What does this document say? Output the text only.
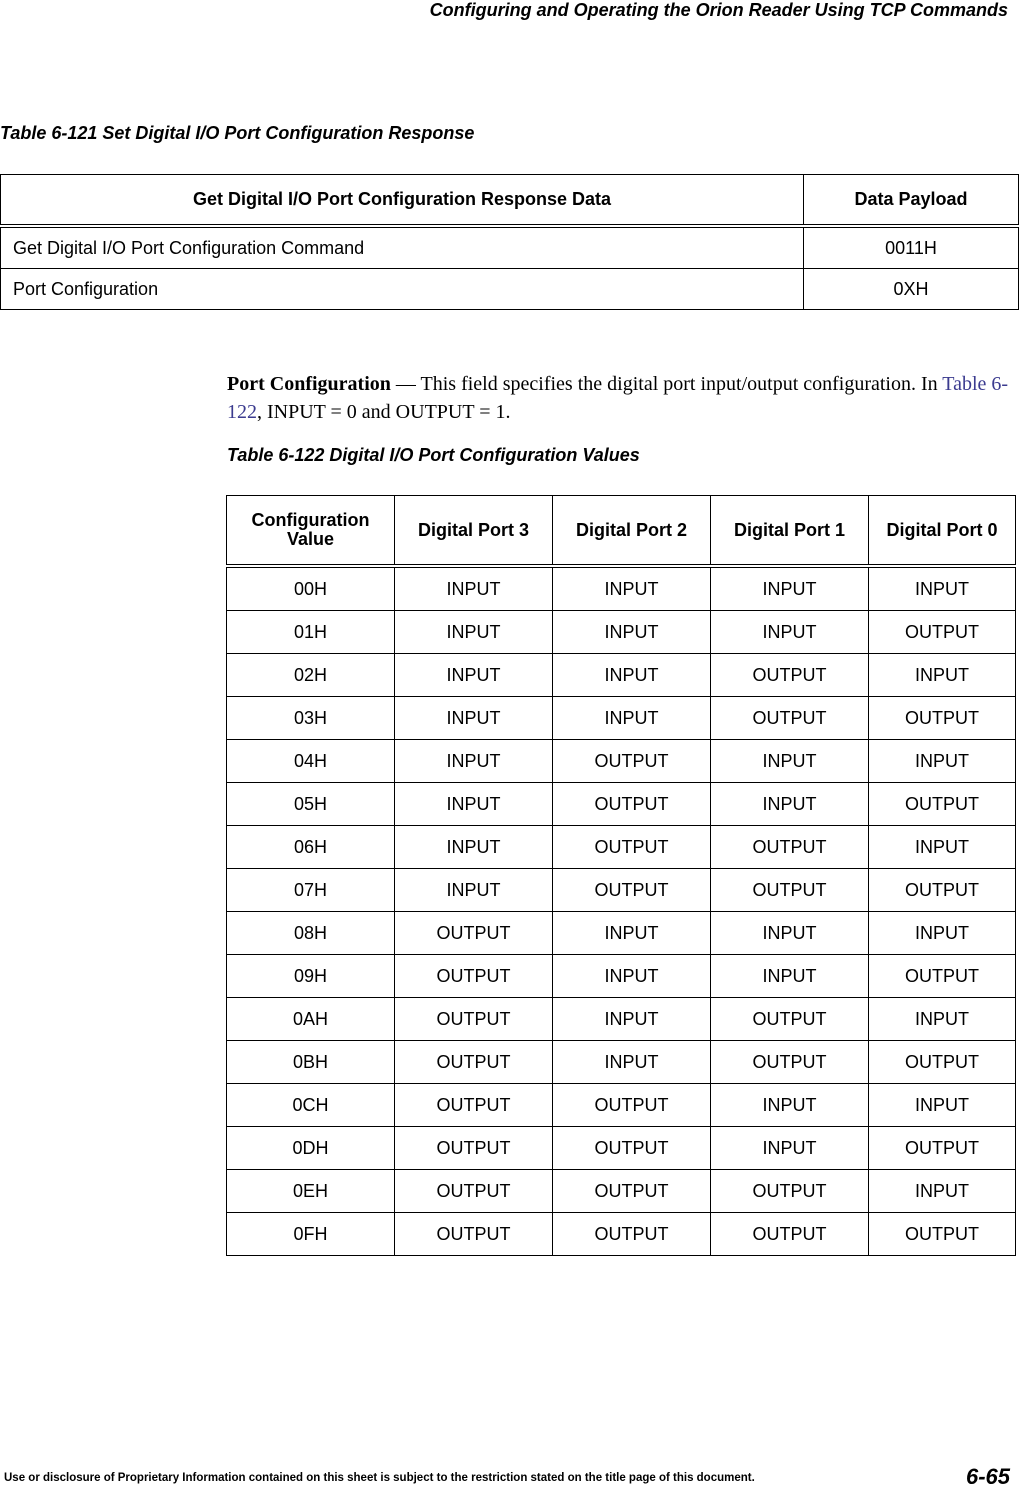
Configuring and Operating the Orion Reader Using TCP Commands
Table 6-121 Set Digital I/O Port Configuration Response
Get Digital I/O Port Configuration Response Data	Data Payload
Get Digital I/O Port Configuration Command	0011H
Port Configuration	0XH
Port Configuration — This field specifies the digital port input/output configuration. In Table 6-122, INPUT = 0 and OUTPUT = 1.
Table 6-122 Digital I/O Port Configuration Values
Configuration Value	Digital Port 3	Digital Port 2	Digital Port 1	Digital Port 0
00H	INPUT	INPUT	INPUT	INPUT
01H	INPUT	INPUT	INPUT	OUTPUT
02H	INPUT	INPUT	OUTPUT	INPUT
03H	INPUT	INPUT	OUTPUT	OUTPUT
04H	INPUT	OUTPUT	INPUT	INPUT
05H	INPUT	OUTPUT	INPUT	OUTPUT
06H	INPUT	OUTPUT	OUTPUT	INPUT
07H	INPUT	OUTPUT	OUTPUT	OUTPUT
08H	OUTPUT	INPUT	INPUT	INPUT
09H	OUTPUT	INPUT	INPUT	OUTPUT
0AH	OUTPUT	INPUT	OUTPUT	INPUT
0BH	OUTPUT	INPUT	OUTPUT	OUTPUT
0CH	OUTPUT	OUTPUT	INPUT	INPUT
0DH	OUTPUT	OUTPUT	INPUT	OUTPUT
0EH	OUTPUT	OUTPUT	OUTPUT	INPUT
0FH	OUTPUT	OUTPUT	OUTPUT	OUTPUT
Use or disclosure of Proprietary Information contained on this sheet is subject to the restriction stated on the title page of this document.	6-65
